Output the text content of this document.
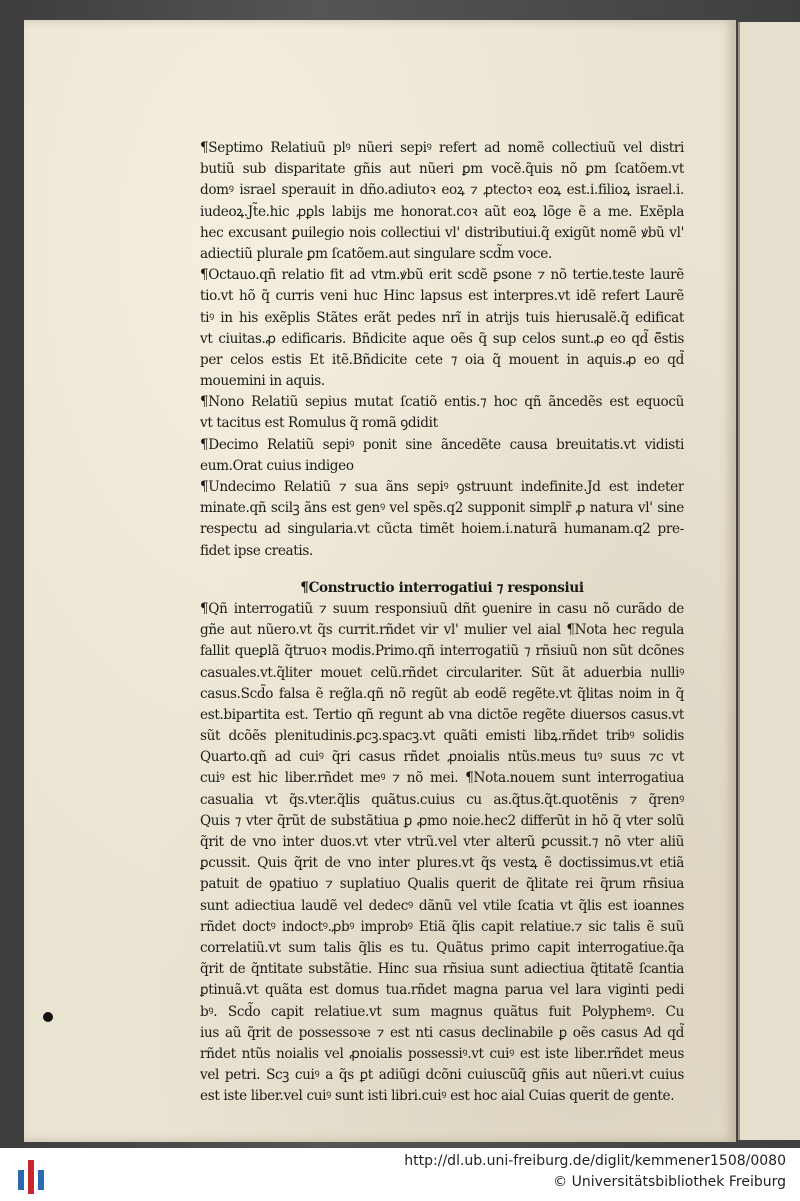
¶Septimo Relatiuũ plꝰ nũeri sepiꝰ refert ad nomẽ collectiuũ vel distri
butiũ sub disparitate gñis aut nũeri ꝑm vocẽ.q̃uis nõ ꝑm ſcatõem.vt
domꝰ israel sperauit in dño.adiutoꝛ eoꝝ ⁊ ꝓtectoꝛ eoꝝ est.i.filioꝝ israel.i.
iudeoꝝ.Jt̃e.hic ꝓꝑls labijs me honorat.coꝛ aũt eoꝝ lõge ẽ a me. Exẽpla
hec excusant ꝑuilegio nois collectiui vl' distributiui.q̃ exigũt nomẽ ꝟbũ vl'
adiectiũ plurale ꝑm ſcatõem.aut singulare scd̃m voce.
¶Octauo.qñ relatio fit ad vtm.ꝟbũ erit scdẽ ꝑsone ⁊ nõ tertie.teste laurẽ
tio.vt hõ q̃ curris veni huc Hinc lapsus est interpres.vt idẽ refert Laurẽ
tiꝰ in his exẽplis Stãtes erãt pedes nrĩ in atrijs tuis hierusalẽ.q̃ edificat
vt ciuitas.ꝓ edificaris. Bñdicite aque oẽs q̃ sup celos sunt.ꝓ eo qd̃ ẽ̃stis
per celos estis Et itẽ.Bñdicite cete ⁊ oia q̃ mouent in aquis.ꝓ eo qd̃
mouemini in aquis.
¶Nono Relatiũ sepius mutat ſcatiõ entis.⁊ hoc qñ ãncedẽs est equocũ
vt tacitus est Romulus q̃ romã ꝯdidit
¶Decimo Relatiũ sepiꝰ ponit sine ãncedẽte causa breuitatis.vt vidisti
eum.Orat cuius indigeo
¶Undecimo Relatiũ ⁊ sua ãns sepiꝰ ꝯstruunt indefinite.Jd est indeter
minate.qñ scilꝫ ãns est genꝰ vel spẽs.q2 supponit simplr̃ ꝓ natura vl' sine
respectu ad singularia.vt cũcta timẽt hoiem.i.naturã humanam.q2 pre-
fidet ipse creatis.
¶Constructio interrogatiui ⁊ responsiui
¶Qñ interrogatiũ ⁊ suum responsiuũ dñt ꝯuenire in casu nõ curãdo de
gñe aut nũero.vt q̃s currit.rñdet vir vl' mulier vel aial ¶Nota hec regula
fallit queꝑlã q̃truoꝛ modis.Primo.qñ interrogatiũ ⁊ rñsiuũ non sũt dcõnes
casuales.vt.q̃liter mouet celũ.rñdet circulariter. Sũt ãt aduerbia nulliꝰ
casus.Scd̃o falsa ẽ reg̃la.qñ nõ regũt ab eodẽ regẽte.vt q̃litas noim in q̃
est.bipartita est. Tertio qñ regunt ab vna dictõe regẽte diuersos casus.vt
sũt dcõẽs plenitudinis.ꝑcꝫ.spacꝫ.vt quãti emisti libꝝ.rñdet tribꝰ solidis
Quarto.qñ ad cuiꝰ q̃ri casus rñdet ꝓnoialis ntũs.meus tuꝰ suus ⁊c vt
cuiꝰ est hic liber.rñdet meꝰ ⁊ nõ mei. ¶Nota.nouem sunt interrogatiua
casualia vt q̃s.vter.q̃lis quãtus.cuius cu as.q̃tus.q̃t.quotẽnis ⁊ q̃renꝰ
Quis ⁊ vter q̃rũt de substãtiua ꝑ ꝓmo noie.hec2 differũt in hõ q̃ vter solũ
q̃rit de vno inter duos.vt vter vtrũ.vel vter alterũ ꝑcussit.⁊ nõ vter aliũ
ꝑcussit. Quis q̃rit de vno inter plures.vt q̃s vestꝝ ẽ doctissimus.vt etiã
patuit de ꝯpatiuo ⁊ suplatiuo Qualis querit de q̃litate rei q̃rum rñsiua
sunt adiectiua laudẽ vel dedecꝰ dãnũ vel vtile ſcatia vt q̃lis est ioannes
rñdet doctꝰ indoctꝰ.ꝓbꝰ improbꝰ Etiã q̃lis capit relatiue.⁊ sic talis ẽ suũ
correlatiũ.vt sum talis q̃lis es tu. Quãtus primo capit interrogatiue.q̃a
q̃rit de q̃ntitate substãtie. Hinc sua rñsiua sunt adiectiua q̃titatẽ ſcantia
ꝑtinuã.vt quãta est domus tua.rñdet magna parua vel lara viginti pedi
bꝰ. Scd̃o capit relatiue.vt sum magnus quãtus fuit Polyphemꝰ. Cu
ius aũ q̃rit de possessoꝛe ⁊ est nti casus declinabile ꝑ oẽs casus Ad qd̃
rñdet ntũs noialis vel ꝓnoialis possessiꝰ.vt cuiꝰ est iste liber.rñdet meus
vel petri. Scꝫ cuiꝰ a q̃s ꝑt adiũgi dcõni cuiuscũq̃ gñis aut nũeri.vt cuius
est iste liber.vel cuiꝰ sunt isti libri.cuiꝰ est hoc aial Cuias querit de gente.
http://dl.ub.uni-freiburg.de/diglit/kemmener1508/0080
© Universitätsbibliothek Freiburg
